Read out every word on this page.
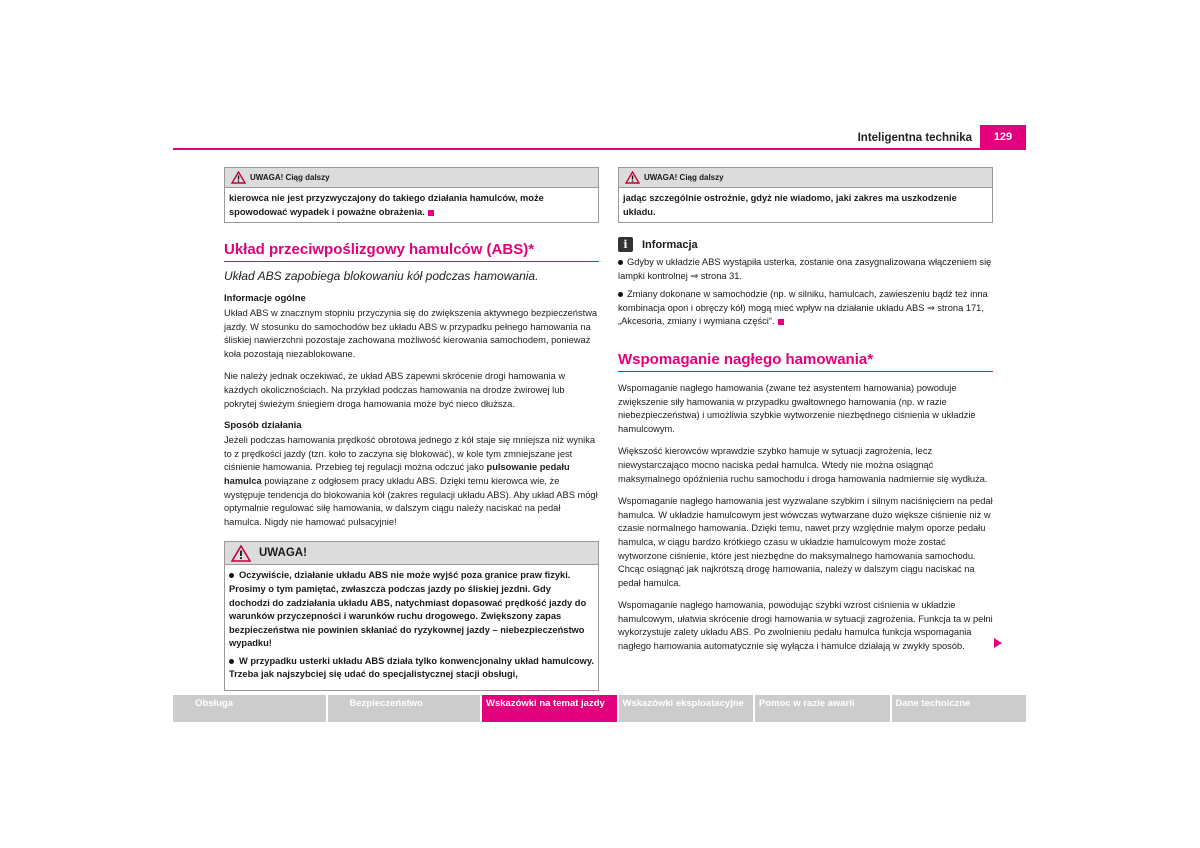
Inteligentna technika	129
UWAGA! Ciąg dalszy
kierowca nie jest przyzwyczajony do takiego działania hamulców, może spowodować wypadek i poważne obrażenia.
Układ przeciwpoślizgowy hamulców (ABS)*
Układ ABS zapobiega blokowaniu kół podczas hamowania.
Informacje ogólne

Układ ABS w znacznym stopniu przyczynia się do zwiększenia aktywnego bezpieczeństwa jazdy. W stosunku do samochodów bez układu ABS w przypadku pełnego hamowania na śliskiej nawierzchni pozostaje zachowana możliwość kierowania samochodem, ponieważ koła pozostają niezablokowane.

Nie należy jednak oczekiwać, że układ ABS zapewni skrócenie drogi hamowania w każdych okolicznościach. Na przykład podczas hamowania na drodze żwirowej lub pokrytej świeżym śniegiem droga hamowania może być nieco dłuższa.

Sposób działania

Jeżeli podczas hamowania prędkość obrotowa jednego z kół staje się mniejsza niż wynika to z prędkości jazdy (tzn. koło to zaczyna się blokować), w kole tym zmniejszane jest ciśnienie hamowania. Przebieg tej regulacji można odczuć jako pulsowanie pedału hamulca powiązane z odgłosem pracy układu ABS. Dzięki temu kierowca wie, że występuje tendencja do blokowania kół (zakres regulacji układu ABS). Aby układ ABS mógł optymalnie regulować siłę hamowania, w dalszym ciągu należy naciskać na pedał hamulca. Nigdy nie hamować pulsacyjnie!

UWAGA!
Oczywiście, działanie układu ABS nie może wyjść poza granice praw fizyki. Prosimy o tym pamiętać, zwłaszcza podczas jazdy po śliskiej jezdni. Gdy dochodzi do zadziałania układu ABS, natychmiast dopasować prędkość jazdy do warunków przyczepności i warunków ruchu drogowego. Zwiększony zapas bezpieczeństwa nie powinien skłaniać do ryzykownej jazdy – niebezpieczeństwo wypadku!
W przypadku usterki układu ABS działa tylko konwencjonalny układ hamulcowy. Trzeba jak najszybciej się udać do specjalistycznej stacji obsługi,
UWAGA! Ciąg dalszy
jadąc szczególnie ostrożnie, gdyż nie wiadomo, jaki zakres ma uszkodzenie układu.
i	Informacja
Gdyby w układzie ABS wystąpiła usterka, zostanie ona zasygnalizowana włączeniem się lampki kontrolnej ⇒ strona 31.
Zmiany dokonane w samochodzie (np. w silniku, hamulcach, zawieszeniu bądź też inna kombinacja opon i obręczy kół) mogą mieć wpływ na działanie układu ABS ⇒ strona 171, „Akcesoria, zmiany i wymiana części“.
Wspomaganie nagłego hamowania*

Wspomaganie nagłego hamowania (zwane też asystentem hamowania) powoduje zwiększenie siły hamowania w przypadku gwałtownego hamowania (np. w razie niebezpieczeństwa) i umożliwia szybkie wytworzenie niezbędnego ciśnienia w układzie hamulcowym.

Większość kierowców wprawdzie szybko hamuje w sytuacji zagrożenia, lecz niewystarczająco mocno naciska pedał hamulca. Wtedy nie można osiągnąć maksymalnego opóźnienia ruchu samochodu i droga hamowania nadmiernie się wydłuża.

Wspomaganie nagłego hamowania jest wyzwalane szybkim i silnym naciśnięciem na pedał hamulca. W układzie hamulcowym jest wówczas wytwarzane dużo większe ciśnienie niż w czasie normalnego hamowania. Dzięki temu, nawet przy względnie małym oporze pedału hamulca, w ciągu bardzo krótkiego czasu w układzie hamulcowym może zostać wytworzone ciśnienie, które jest niezbędne do maksymalnego hamowania samochodu. Chcąc osiągnąć jak najkrótszą drogę hamowania, należy w dalszym ciągu naciskać na pedał hamulca.

Wspomaganie nagłego hamowania, powodując szybki wzrost ciśnienia w układzie hamulcowym, ułatwia skrócenie drogi hamowania w sytuacji zagrożenia. Funkcja ta w pełni wykorzystuje zalety układu ABS. Po zwolnieniu pedału hamulca funkcja wspomagania nagłego hamowania automatycznie się wyłącza i hamulce działają w zwykły sposób.

Obsługa	Bezpieczeństwo	Wskazówki na temat jazdy	Wskazówki eksploatacyjne	Pomoc w razie awarii	Dane techniczne
